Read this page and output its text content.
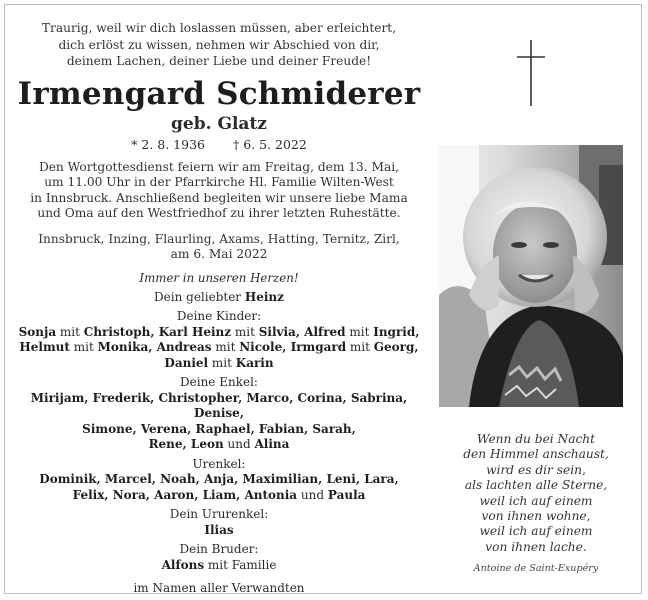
Traurig, weil wir dich loslassen müssen, aber erleichtert,
dich erlöst zu wissen, nehmen wir Abschied von dir,
deinem Lachen, deiner Liebe und deiner Freude!
Irmengard Schmiderer
geb. Glatz
* 2. 8. 1936 † 6. 5. 2022
Den Wortgottesdienst feiern wir am Freitag, dem 13. Mai,
um 11.00 Uhr in der Pfarrkirche Hl. Familie Wilten-West
in Innsbruck. Anschließend begleiten wir unsere liebe Mama
und Oma auf den Westfriedhof zu ihrer letzten Ruhestätte.
Innsbruck, Inzing, Flaurling, Axams, Hatting, Ternitz, Zirl,
am 6. Mai 2022
Immer in unseren Herzen!
Dein geliebter Heinz
Deine Kinder:
Sonja mit Christoph, Karl Heinz mit Silvia, Alfred mit Ingrid,
Helmut mit Monika, Andreas mit Nicole, Irmgard mit Georg,
Daniel mit Karin
Deine Enkel:
Mirijam, Frederik, Christopher, Marco, Corina, Sabrina, Denise,
Simone, Verena, Raphael, Fabian, Sarah,
Rene, Leon und Alina
Urenkel:
Dominik, Marcel, Noah, Anja, Maximilian, Leni, Lara,
Felix, Nora, Aaron, Liam, Antonia und Paula
Dein Ururenkel:
Ilias
Dein Bruder:
Alfons mit Familie
im Namen aller Verwandten
Wenn du bei Nacht
den Himmel anschaust,
wird es dir sein,
als lachten alle Sterne,
weil ich auf einem
von ihnen wohne,
weil ich auf einem
von ihnen lache.
Antoine de Saint-Exupéry
